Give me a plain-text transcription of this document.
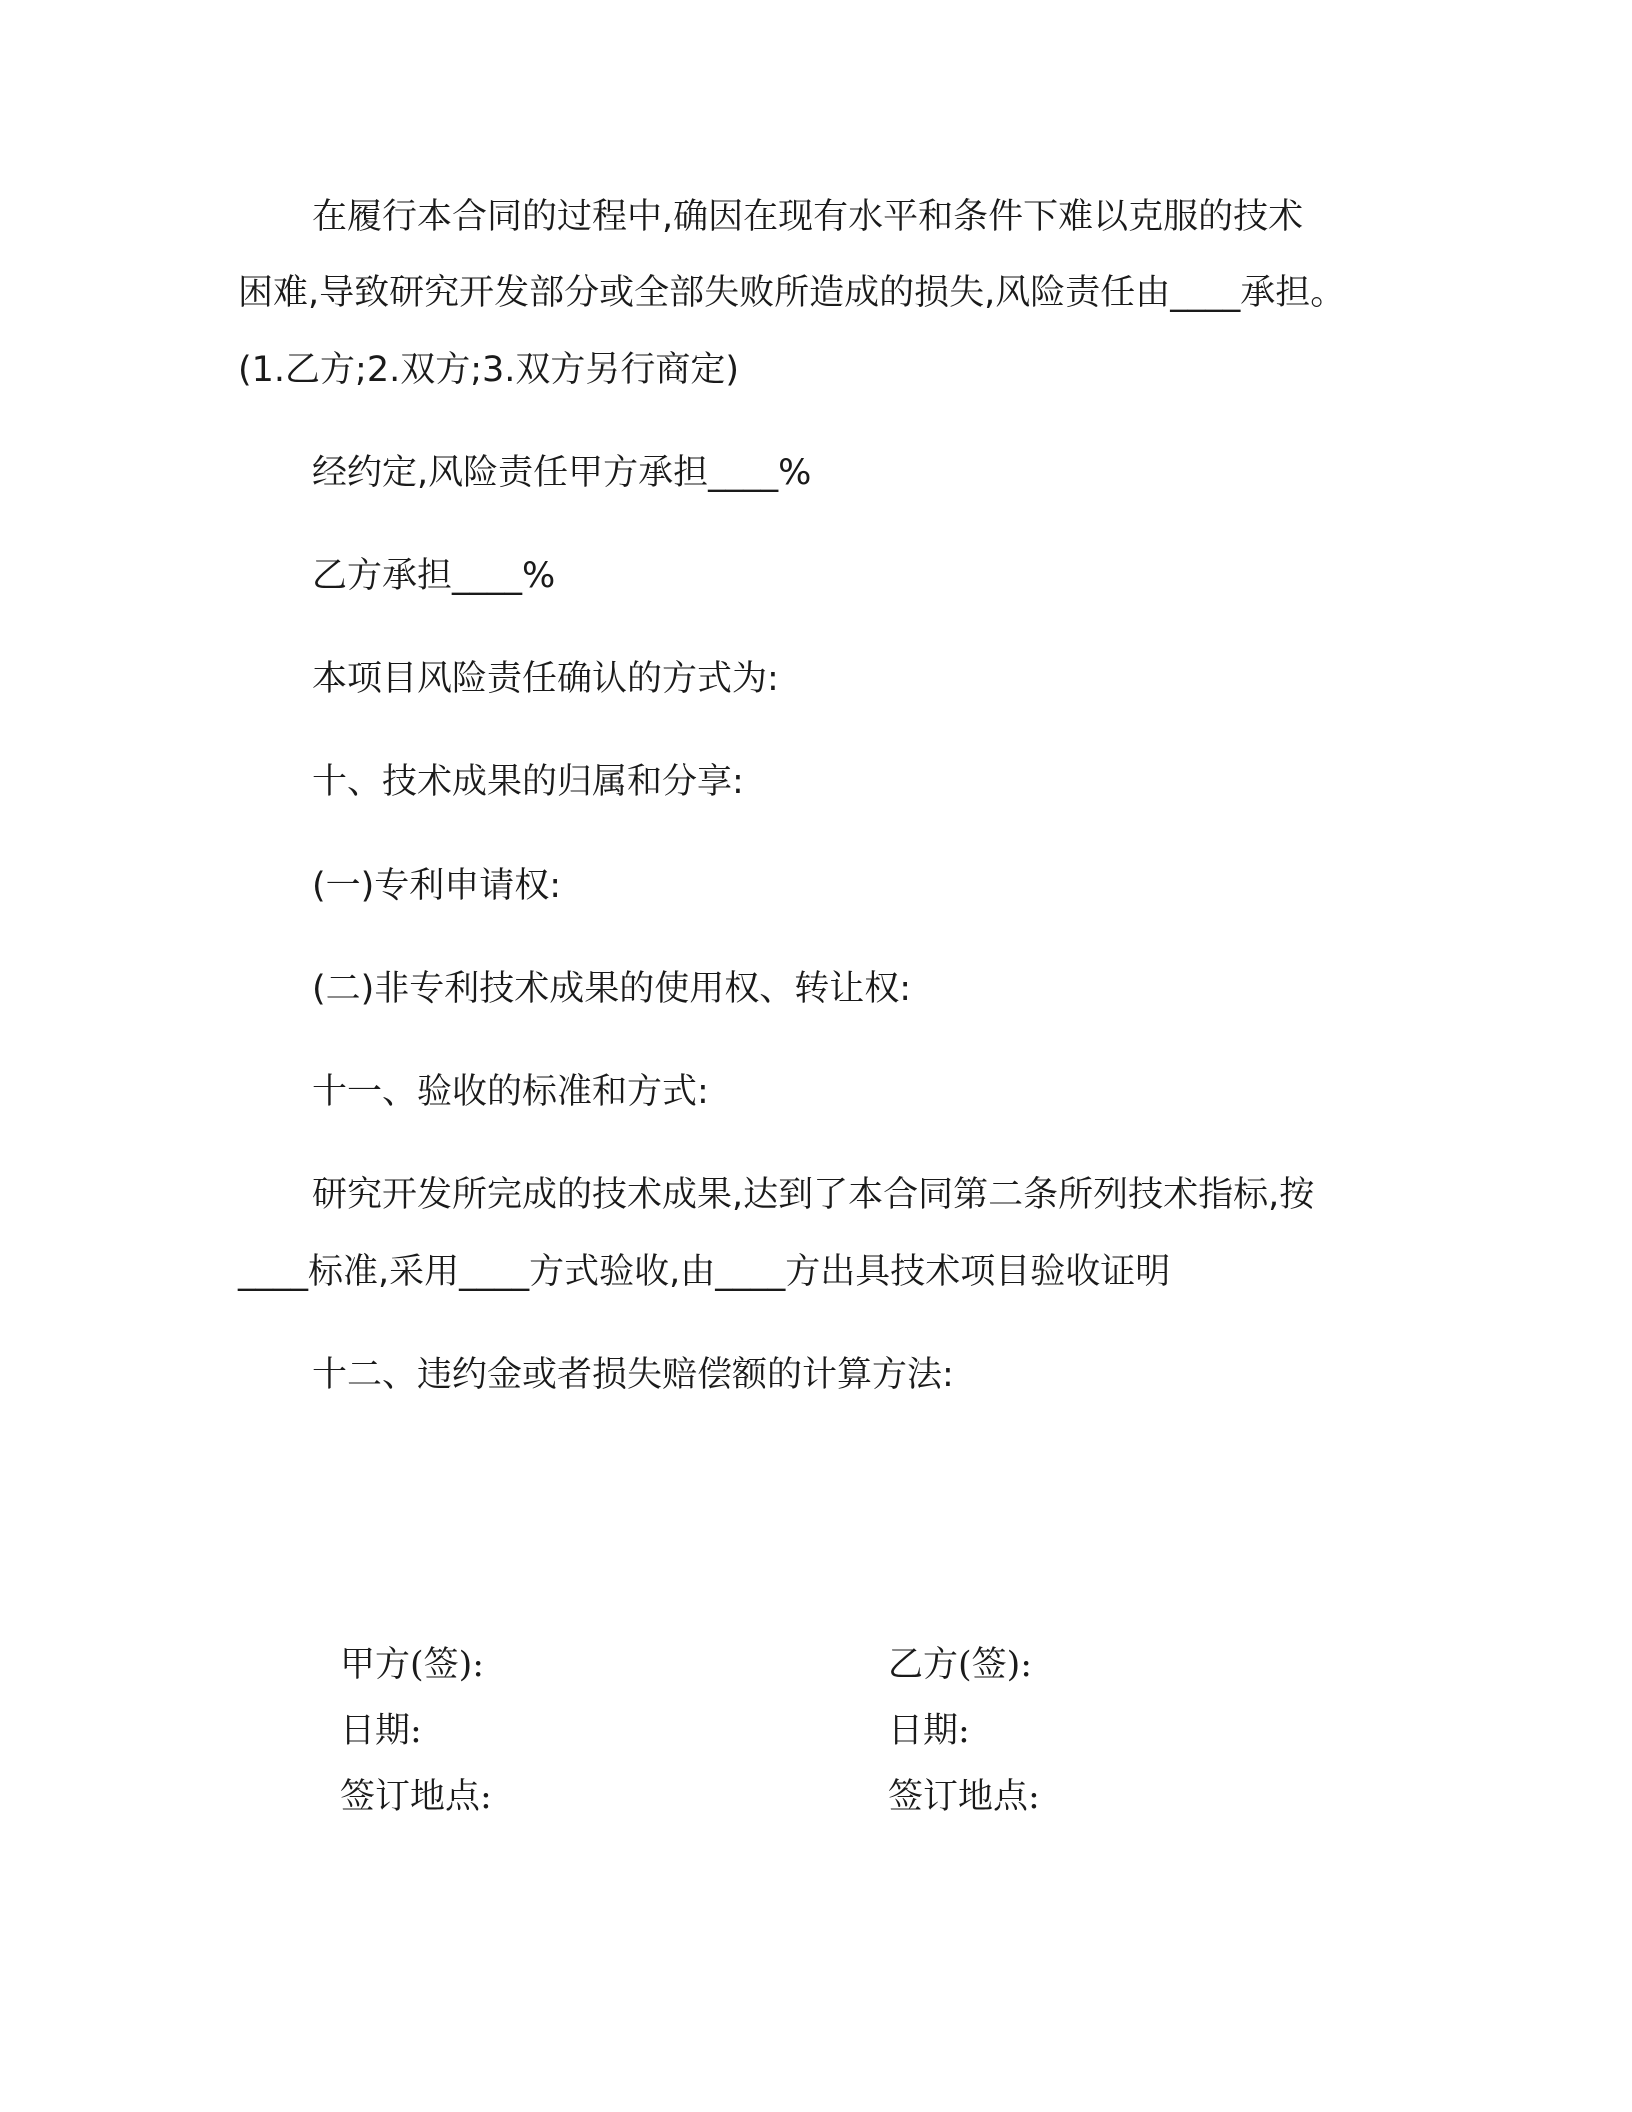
在履行本合同的过程中,确因在现有水平和条件下难以克服的技术
困难,导致研究开发部分或全部失败所造成的损失,风险责任由____承担。
(1.乙方;2.双方;3.双方另行商定)
经约定,风险责任甲方承担____%
乙方承担____%
本项目风险责任确认的方式为:
十、技术成果的归属和分享:
(一)专利申请权:
(二)非专利技术成果的使用权、转让权:
十一、验收的标准和方式:
研究开发所完成的技术成果,达到了本合同第二条所列技术指标,按
____标准,采用____方式验收,由____方出具技术项目验收证明
十二、违约金或者损失赔偿额的计算方法:
甲方(签):
日期:
签订地点:
乙方(签):
日期:
签订地点:
